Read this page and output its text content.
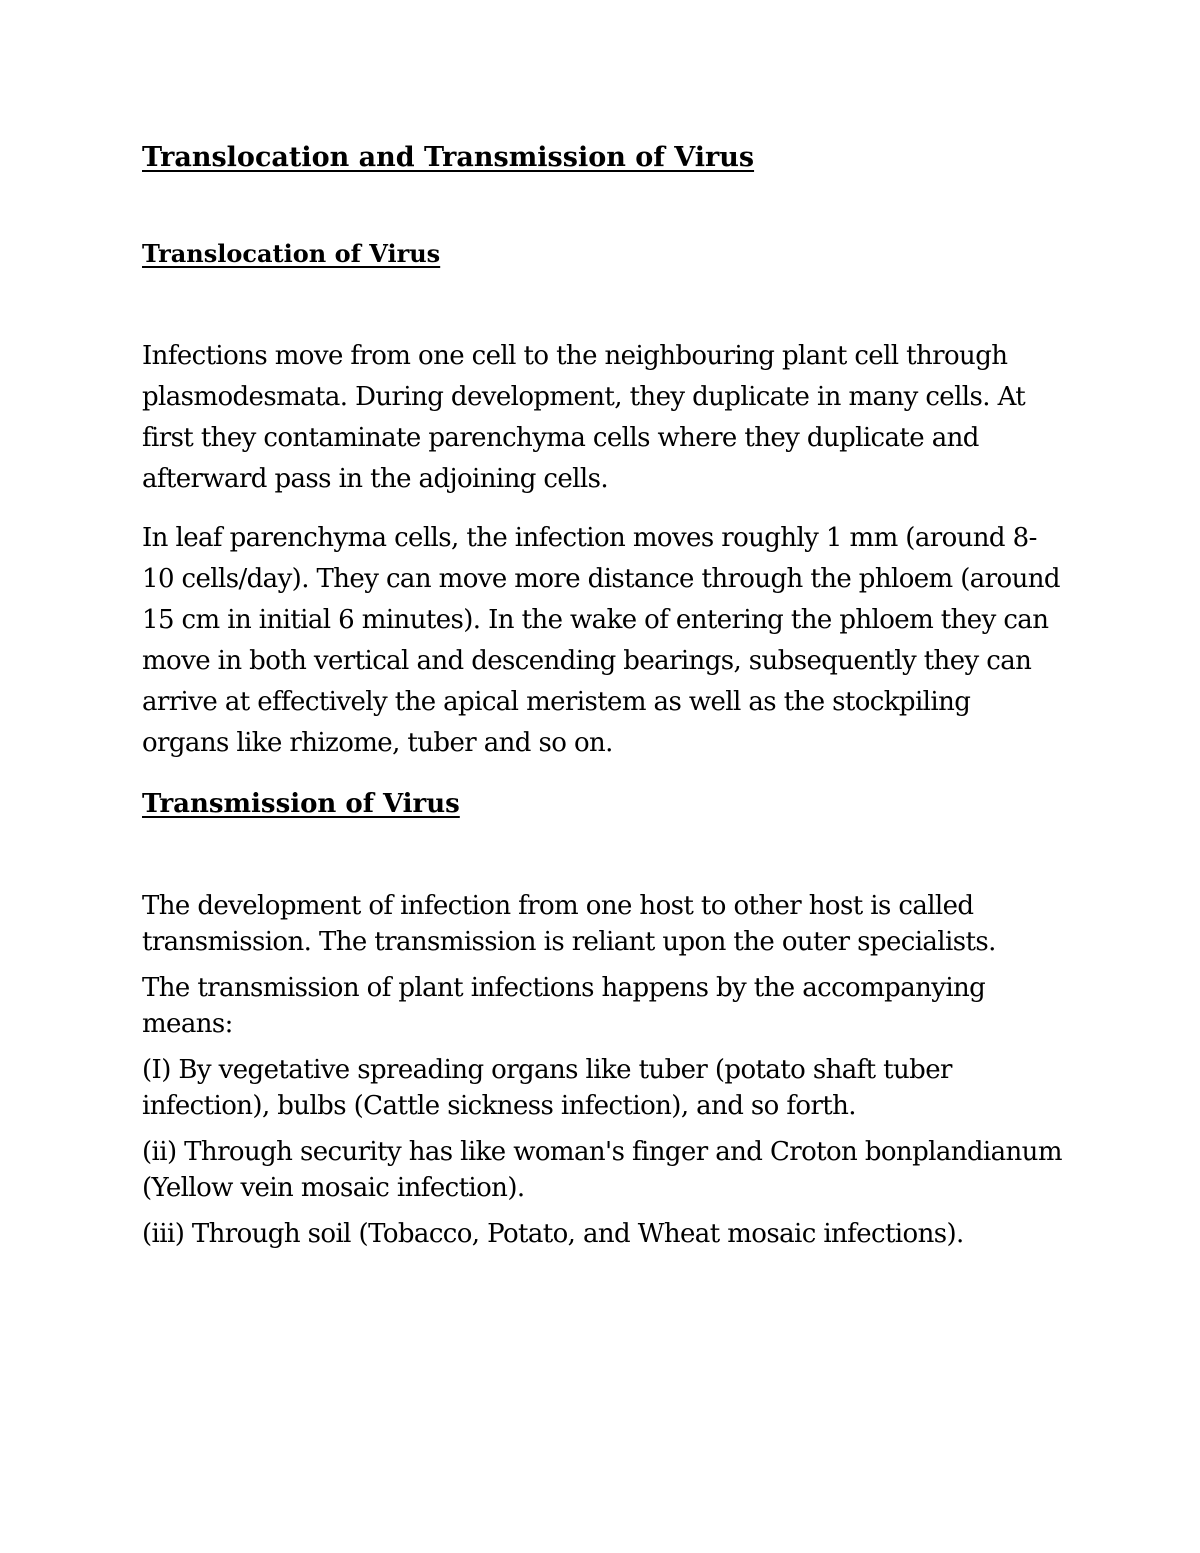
Translocation and Transmission of Virus
Translocation of Virus

Infections move from one cell to the neighbouring plant cell through plasmodesmata. During development, they duplicate in many cells. At first they contaminate parenchyma cells where they duplicate and afterward pass in the adjoining cells.

In leaf parenchyma cells, the infection moves roughly 1 mm (around 8-10 cells/day). They can move more distance through the phloem (around 15 cm in initial 6 minutes). In the wake of entering the phloem they can move in both vertical and descending bearings, subsequently they can arrive at effectively the apical meristem as well as the stockpiling organs like rhizome, tuber and so on.

Transmission of Virus

The development of infection from one host to other host is called transmission. The transmission is reliant upon the outer specialists.

The transmission of plant infections happens by the accompanying means:

(I) By vegetative spreading organs like tuber (potato shaft tuber infection), bulbs (Cattle sickness infection), and so forth.

(ii) Through security has like woman's finger and Croton bonplandianum (Yellow vein mosaic infection).

(iii) Through soil (Tobacco, Potato, and Wheat mosaic infections).
